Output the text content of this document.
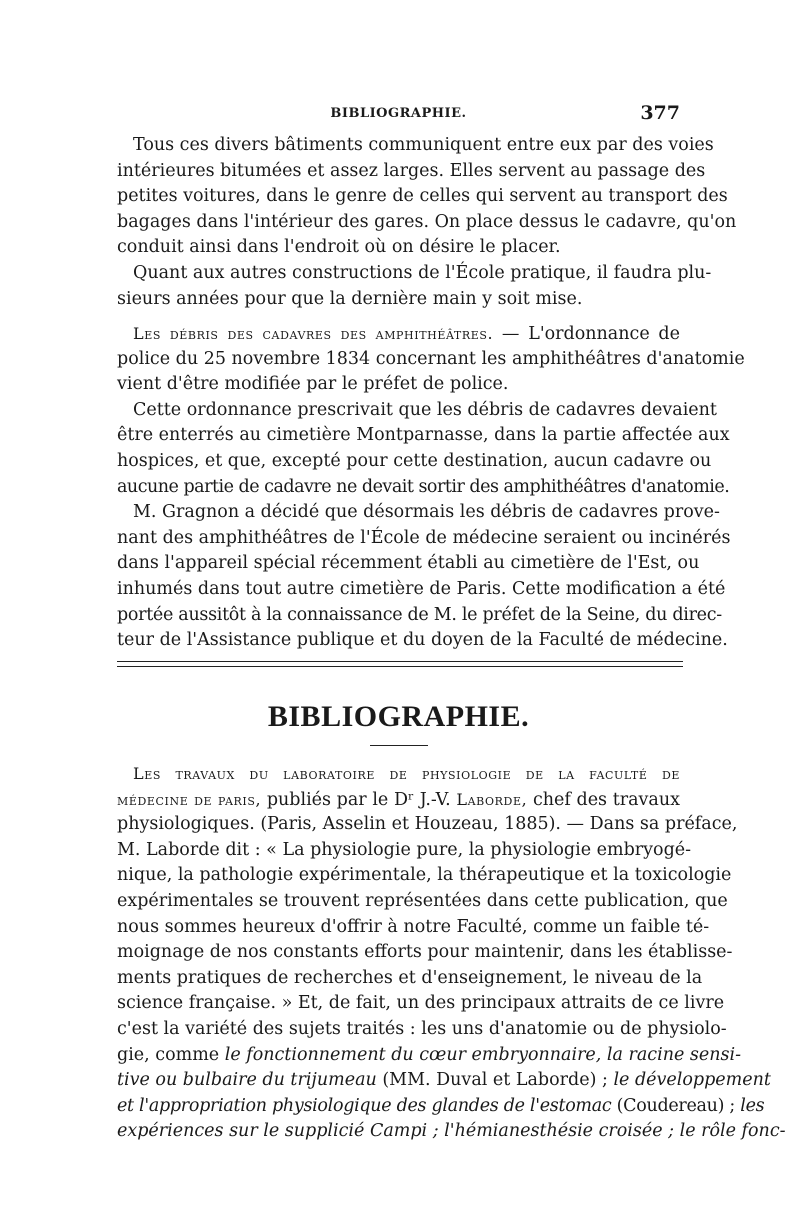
BIBLIOGRAPHIE.	377
Tous ces divers bâtiments communiquent entre eux par des voies
intérieures bitumées et assez larges. Elles servent au passage des
petites voitures, dans le genre de celles qui servent au transport des
bagages dans l'intérieur des gares. On place dessus le cadavre, qu'on
conduit ainsi dans l'endroit où on désire le placer.
Quant aux autres constructions de l'École pratique, il faudra plu-
sieurs années pour que la dernière main y soit mise.
Les débris des cadavres des amphithéâtres. — L'ordonnance de
police du 25 novembre 1834 concernant les amphithéâtres d'anatomie
vient d'être modifiée par le préfet de police.
Cette ordonnance prescrivait que les débris de cadavres devaient
être enterrés au cimetière Montparnasse, dans la partie affectée aux
hospices, et que, excepté pour cette destination, aucun cadavre ou
aucune partie de cadavre ne devait sortir des amphithéâtres d'anatomie.
M. Gragnon a décidé que désormais les débris de cadavres prove-
nant des amphithéâtres de l'École de médecine seraient ou incinérés
dans l'appareil spécial récemment établi au cimetière de l'Est, ou
inhumés dans tout autre cimetière de Paris. Cette modification a été
portée aussitôt à la connaissance de M. le préfet de la Seine, du direc-
teur de l'Assistance publique et du doyen de la Faculté de médecine.
BIBLIOGRAPHIE.
Les travaux du laboratoire de physiologie de la faculté de
médecine de paris, publiés par le Dʳ J.-V. Laborde, chef des travaux
physiologiques. (Paris, Asselin et Houzeau, 1885). — Dans sa préface,
M. Laborde dit : « La physiologie pure, la physiologie embryogé-
nique, la pathologie expérimentale, la thérapeutique et la toxicologie
expérimentales se trouvent représentées dans cette publication, que
nous sommes heureux d'offrir à notre Faculté, comme un faible té-
moignage de nos constants efforts pour maintenir, dans les établisse-
ments pratiques de recherches et d'enseignement, le niveau de la
science française. » Et, de fait, un des principaux attraits de ce livre
c'est la variété des sujets traités : les uns d'anatomie ou de physiolo-
gie, comme le fonctionnement du cœur embryonnaire, la racine sensi-
tive ou bulbaire du trijumeau (MM. Duval et Laborde) ; le développement
et l'appropriation physiologique des glandes de l'estomac (Coudereau) ; les
expériences sur le supplicié Campi ; l'hémianesthésie croisée ; le rôle fonc-
